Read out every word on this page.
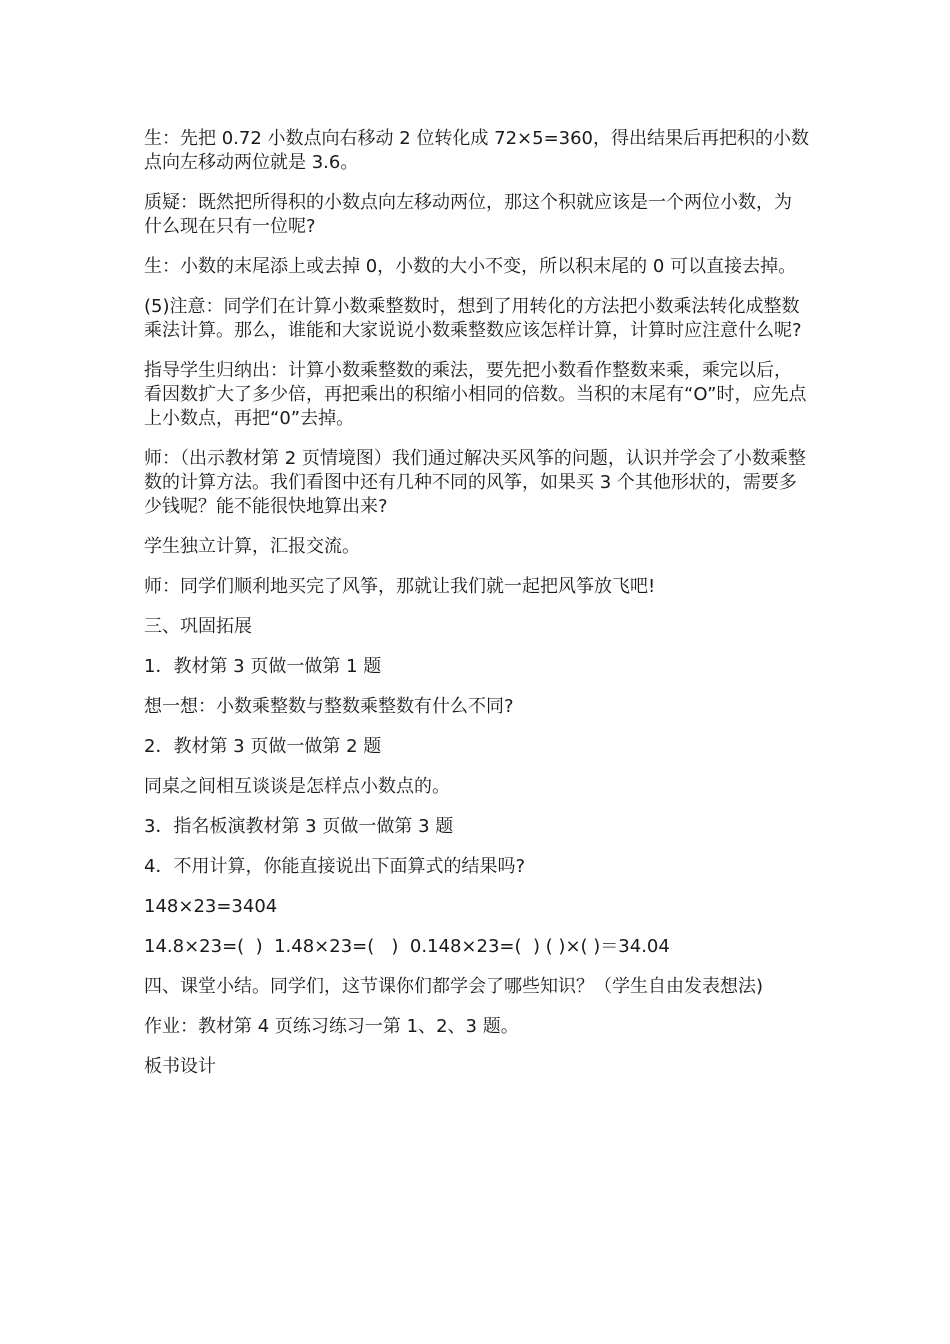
生：先把 0.72 小数点向右移动 2 位转化成 72×5=360，得出结果后再把积的小数点向左移动两位就是 3.6。

质疑：既然把所得积的小数点向左移动两位，那这个积就应该是一个两位小数，为什么现在只有一位呢?

生：小数的末尾添上或去掉 0，小数的大小不变，所以积末尾的 0 可以直接去掉。

(5)注意：同学们在计算小数乘整数时，想到了用转化的方法把小数乘法转化成整数乘法计算。那么，谁能和大家说说小数乘整数应该怎样计算，计算时应注意什么呢?

指导学生归纳出：计算小数乘整数的乘法，要先把小数看作整数来乘，乘完以后，看因数扩大了多少倍，再把乘出的积缩小相同的倍数。当积的末尾有“O”时，应先点上小数点，再把“0”去掉。

师：（出示教材第 2 页情境图）我们通过解决买风筝的问题，认识并学会了小数乘整数的计算方法。我们看图中还有几种不同的风筝，如果买 3 个其他形状的，需要多少钱呢？能不能很快地算出来?

学生独立计算，汇报交流。

师：同学们顺利地买完了风筝，那就让我们就一起把风筝放飞吧!

三、巩固拓展

1．教材第 3 页做一做第 1 题

想一想：小数乘整数与整数乘整数有什么不同?

2．教材第 3 页做一做第 2 题

同桌之间相互谈谈是怎样点小数点的。

3．指名板演教材第 3 页做一做第 3 题

4．不用计算，你能直接说出下面算式的结果吗?

148×23=3404

14.8×23=(  )  1.48×23=(   )  0.148×23=(  ) ( )×( )＝34.04

四、课堂小结。同学们，这节课你们都学会了哪些知识？（学生自由发表想法)

作业：教材第 4 页练习练习一第 1、2、3 题。

板书设计
